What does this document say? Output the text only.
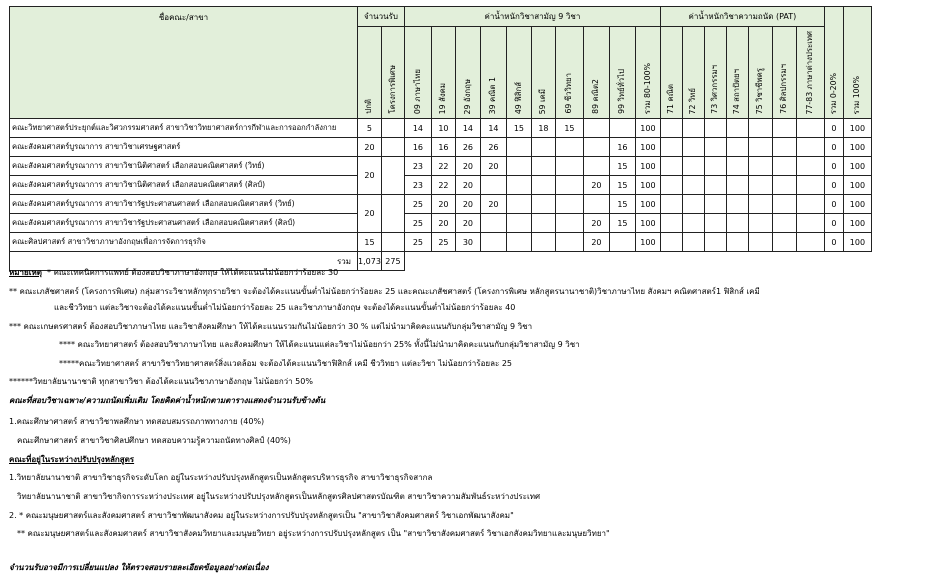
ชื่อคณะ/สาขา	จำนวนรับ		ค่าน้ำหนักวิชาสามัญ 9 วิชา										ค่าน้ำหนักวิชาความถนัด (PAT)							รวม 0-20%	รวม 100%
	ปกติ	โครงการพิเศษ	09 ภาษาไทย	19 สังคม	29 อังกฤษ	39 คณิต 1	49 ฟิสิกส์	59 เคมี	69 ชีววิทยา	89 คณิต2	99 วิทย์ทั่วไป	รวม 80-100%	71 คณิต	72 วิทย์	73 วิศวกรรมฯ	74 สถาปัตยฯ	75 วิชาชีพครู	76 ศิลปกรรมฯ	77-83 ภาษาต่างประเทศ		
คณะวิทยาศาสตร์ประยุกต์และวิศวกรรมศาสตร์ สาขาวิชาวิทยาศาสตร์การกีฬาและการออกกำลังกาย	5		14	10	14	14	15	18	15			100								0	100
คณะสังคมศาสตร์บูรณาการ สาขาวิชาเศรษฐศาสตร์	20		16	16	26	26					16	100								0	100
คณะสังคมศาสตร์บูรณาการ สาขาวิชานิติศาสตร์ เลือกสอบคณิตศาสตร์ (วิทย์)	20		23	22	20	20					15	100								0	100
คณะสังคมศาสตร์บูรณาการ สาขาวิชานิติศาสตร์ เลือกสอบคณิตศาสตร์ (ศิลป์)			23	22	20					20	15	100								0	100
คณะสังคมศาสตร์บูรณาการ สาขาวิชารัฐประศาสนศาสตร์ เลือกสอบคณิตศาสตร์ (วิทย์)	20		25	20	20	20					15	100								0	100
คณะสังคมศาสตร์บูรณาการ สาขาวิชารัฐประศาสนศาสตร์ เลือกสอบคณิตศาสตร์ (ศิลป์)			25	20	20					20	15	100								0	100
คณะศิลปศาสตร์ สาขาวิชาภาษาอังกฤษเพื่อการจัดการธุรกิจ	15		25	25	30					20		100								0	100
รวม	1,073	275																			
หมายเหตุ * คณะเทคนิคการแพทย์ ต้องสอบวิชาภาษาอังกฤษ ให้ได้คะแนนไม่น้อยกว่าร้อยละ 30
** คณะเภสัชศาสตร์ (โครงการพิเศษ) กลุ่มสาระวิชาหลักทุกรายวิชา จะต้องได้คะแนนขั้นต่ำไม่น้อยกว่าร้อยละ 25 และคณะเภสัชศาสตร์ (โครงการพิเศษ หลักสูตรนานาชาติ)วิชาภาษาไทย สังคมฯ คณิตศาสตร์1 ฟิสิกส์ เคมี
และชีววิทยา แต่ละวิชาจะต้องได้คะแนนขั้นต่ำไม่น้อยกว่าร้อยละ 25 และวิชาภาษาอังกฤษ จะต้องได้คะแนนขั้นต่ำไม่น้อยกว่าร้อยละ 40
*** คณะเกษตรศาสตร์ ต้องสอบวิชาภาษาไทย และวิชาสังคมศึกษา ให้ได้คะแนนรวมกันไม่น้อยกว่า 30 % แต่ไม่นำมาคิดคะแนนกับกลุ่มวิชาสามัญ 9 วิชา
**** คณะวิทยาศาสตร์ ต้องสอบวิชาภาษาไทย และสังคมศึกษา ให้ได้คะแนนแต่ละวิชาไม่น้อยกว่า 25% ทั้งนี้ไม่นำมาคิดคะแนนกับกลุ่มวิชาสามัญ 9 วิชา
*****คณะวิทยาศาสตร์ สาขาวิชาวิทยาศาสตร์สิ่งแวดล้อม จะต้องได้คะแนนวิชาฟิสิกส์ เคมี ชีววิทยา แต่ละวิชา ไม่น้อยกว่าร้อยละ 25
******วิทยาลัยนานาชาติ ทุกสาขาวิชา ต้องได้คะแนนวิชาภาษาอังกฤษ ไม่น้อยกว่า 50%
คณะที่สอบวิชาเฉพาะ/ความถนัดเพิ่มเติม โดยคิดค่าน้ำหนักตามตารางแสดงจำนวนรับข้างต้น
1.คณะศึกษาศาสตร์ สาขาวิชาพลศึกษา ทดสอบสมรรถภาพทางกาย (40%)
คณะศึกษาศาสตร์ สาขาวิชาศิลปศึกษา ทดสอบความรู้ความถนัดทางศิลป์ (40%)
คณะที่อยู่ในระหว่างปรับปรุงหลักสูตร
1.วิทยาลัยนานาชาติ สาขาวิชาธุรกิจระดับโลก อยู่ในระหว่างปรับปรุงหลักสูตรเป็นหลักสูตรบริหารธุรกิจ สาขาวิชาธุรกิจสากล
วิทยาลัยนานาชาติ สาขาวิชากิจการระหว่างประเทศ อยู่ในระหว่างปรับปรุงหลักสูตรเป็นหลักสูตรศิลปศาสตรบัณฑิต สาขาวิชาความสัมพันธ์ระหว่างประเทศ
2. * คณะมนุษยศาสตร์และสังคมศาสตร์ สาขาวิชาพัฒนาสังคม อยู่ในระหว่างการปรับปรุงหลักสูตรเป็น "สาขาวิชาสังคมศาสตร์ วิชาเอกพัฒนาสังคม"
** คณะมนุษยศาสตร์และสังคมศาสตร์ สาขาวิชาสังคมวิทยาและมนุษยวิทยา อยู่ระหว่างการปรับปรุงหลักสูตร เป็น "สาขาวิชาสังคมศาสตร์ วิชาเอกสังคมวิทยาและมนุษยวิทยา"
จำนวนรับอาจมีการเปลี่ยนแปลง ให้ตรวจสอบรายละเอียดข้อมูลอย่างต่อเนื่อง
